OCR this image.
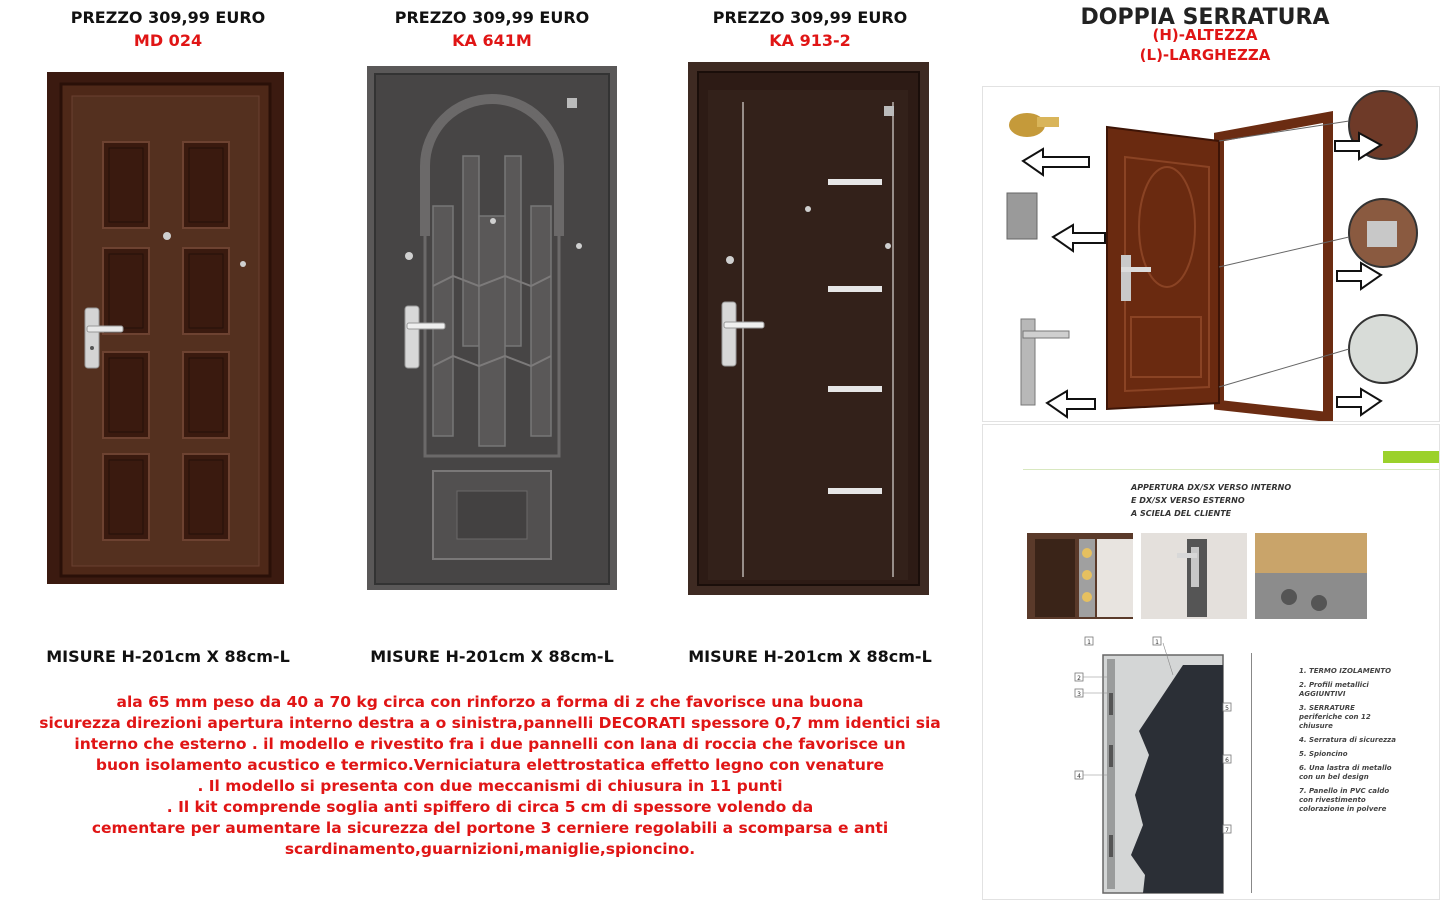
PREZZO 309,99 EURO
MD 024
PREZZO 309,99 EURO
KA 641M
PREZZO 309,99 EURO
KA 913-2
MISURE H-201cm X 88cm-L	MISURE H-201cm X 88cm-L	MISURE H-201cm X 88cm-L
ala 65 mm peso da 40 a 70 kg circa con rinforzo a forma di z che favorisce una buona
sicurezza direzioni apertura interno destra a o sinistra,pannelli DECORATI spessore 0,7 mm identici sia
interno che esterno . il modello e rivestito fra i due pannelli con lana di roccia che favorisce un
buon isolamento acustico e termico.Verniciatura elettrostatica effetto legno con venature
. Il modello si presenta con due meccanismi di chiusura in 11 punti
. Il kit comprende soglia anti spiffero di circa 5 cm di spessore volendo da
cementare per aumentare la sicurezza del portone 3 cerniere regolabili a scomparsa e anti
scardinamento,guarnizioni,maniglie,spioncino.
DOPPIA SERRATURA
(H)-ALTEZZA
(L)-LARGHEZZA
APPERTURA DX/SX VERSO INTERNO
E DX/SX VERSO ESTERNO
A SCIELA DEL CLIENTE
1	1
2
3
4
5
6
7
1. TERMO IZOLAMENTO
2. Profili metallici AGGIUNTIVI
3. SERRATURE periferiche con 12 chiusure
4. Serratura di sicurezza
5. Spioncino
6. Una lastra di metallo con un bel design
7. Panello in PVC caldo con rivestimento colorazione in polvere
